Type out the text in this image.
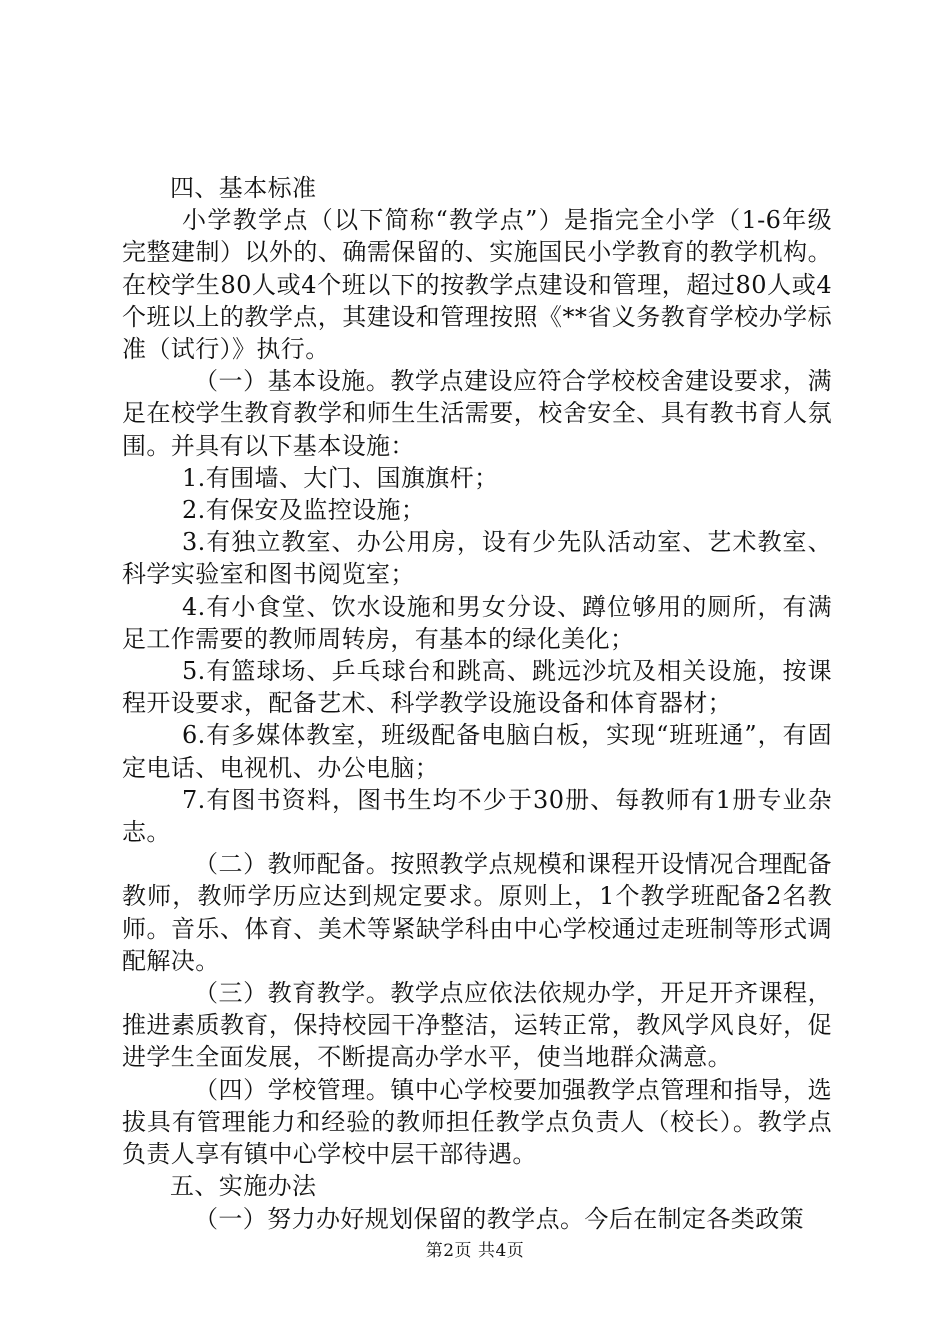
四、基本标准

小学教学点（以下简称“教学点”）是指完全小学（1-6年级完整建制）以外的、确需保留的、实施国民小学教育的教学机构。在校学生80人或4个班以下的按教学点建设和管理，超过80人或4个班以上的教学点，其建设和管理按照《**省义务教育学校办学标准（试行）》执行。

（一）基本设施。教学点建设应符合学校校舍建设要求，满足在校学生教育教学和师生生活需要，校舍安全、具有教书育人氛围。并具有以下基本设施：

1.有围墙、大门、国旗旗杆；

2.有保安及监控设施；

3.有独立教室、办公用房，设有少先队活动室、艺术教室、科学实验室和图书阅览室；

4.有小食堂、饮水设施和男女分设、蹲位够用的厕所，有满足工作需要的教师周转房，有基本的绿化美化；

5.有篮球场、乒乓球台和跳高、跳远沙坑及相关设施，按课程开设要求，配备艺术、科学教学设施设备和体育器材；

6.有多媒体教室，班级配备电脑白板，实现“班班通”，有固定电话、电视机、办公电脑；

7.有图书资料，图书生均不少于30册、每教师有1册专业杂志。

（二）教师配备。按照教学点规模和课程开设情况合理配备教师，教师学历应达到规定要求。原则上，1个教学班配备2名教师。音乐、体育、美术等紧缺学科由中心学校通过走班制等形式调配解决。

（三）教育教学。教学点应依法依规办学，开足开齐课程，推进素质教育，保持校园干净整洁，运转正常，教风学风良好，促进学生全面发展，不断提高办学水平，使当地群众满意。

（四）学校管理。镇中心学校要加强教学点管理和指导，选拔具有管理能力和经验的教师担任教学点负责人（校长）。教学点负责人享有镇中心学校中层干部待遇。

五、实施办法

（一）努力办好规划保留的教学点。今后在制定各类政策

第2页 共4页
